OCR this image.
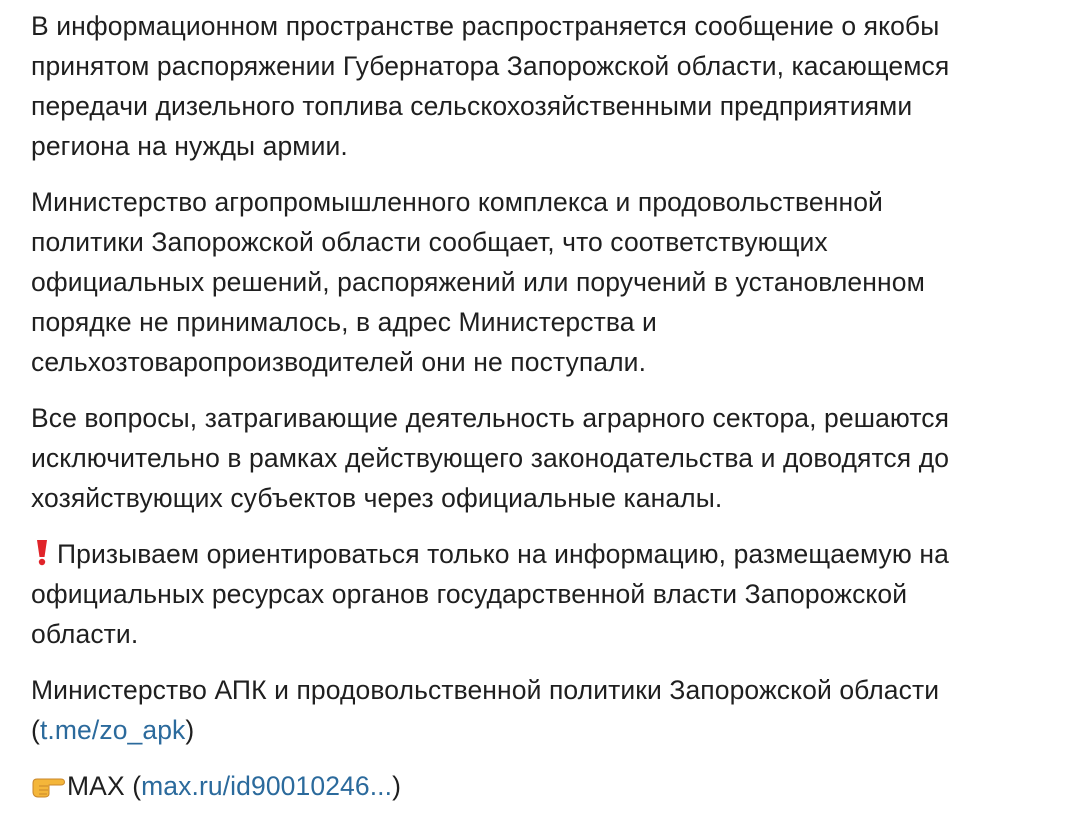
В информационном пространстве распространяется сообщение о якобы
принятом распоряжении Губернатора Запорожской области, касающемся
передачи дизельного топлива сельскохозяйственными предприятиями
региона на нужды армии.
Министерство агропромышленного комплекса и продовольственной
политики Запорожской области сообщает, что соответствующих
официальных решений, распоряжений или поручений в установленном
порядке не принималось, в адрес Министерства и
сельхозтоваропроизводителей они не поступали.
Все вопросы, затрагивающие деятельность аграрного сектора, решаются
исключительно в рамках действующего законодательства и доводятся до
хозяйствующих субъектов через официальные каналы.
Призываем ориентироваться только на информацию, размещаемую на
официальных ресурсах органов государственной власти Запорожской
области.
Министерство АПК и продовольственной политики Запорожской области
(t.me/zo_apk)
MAX (max.ru/id90010246...)
